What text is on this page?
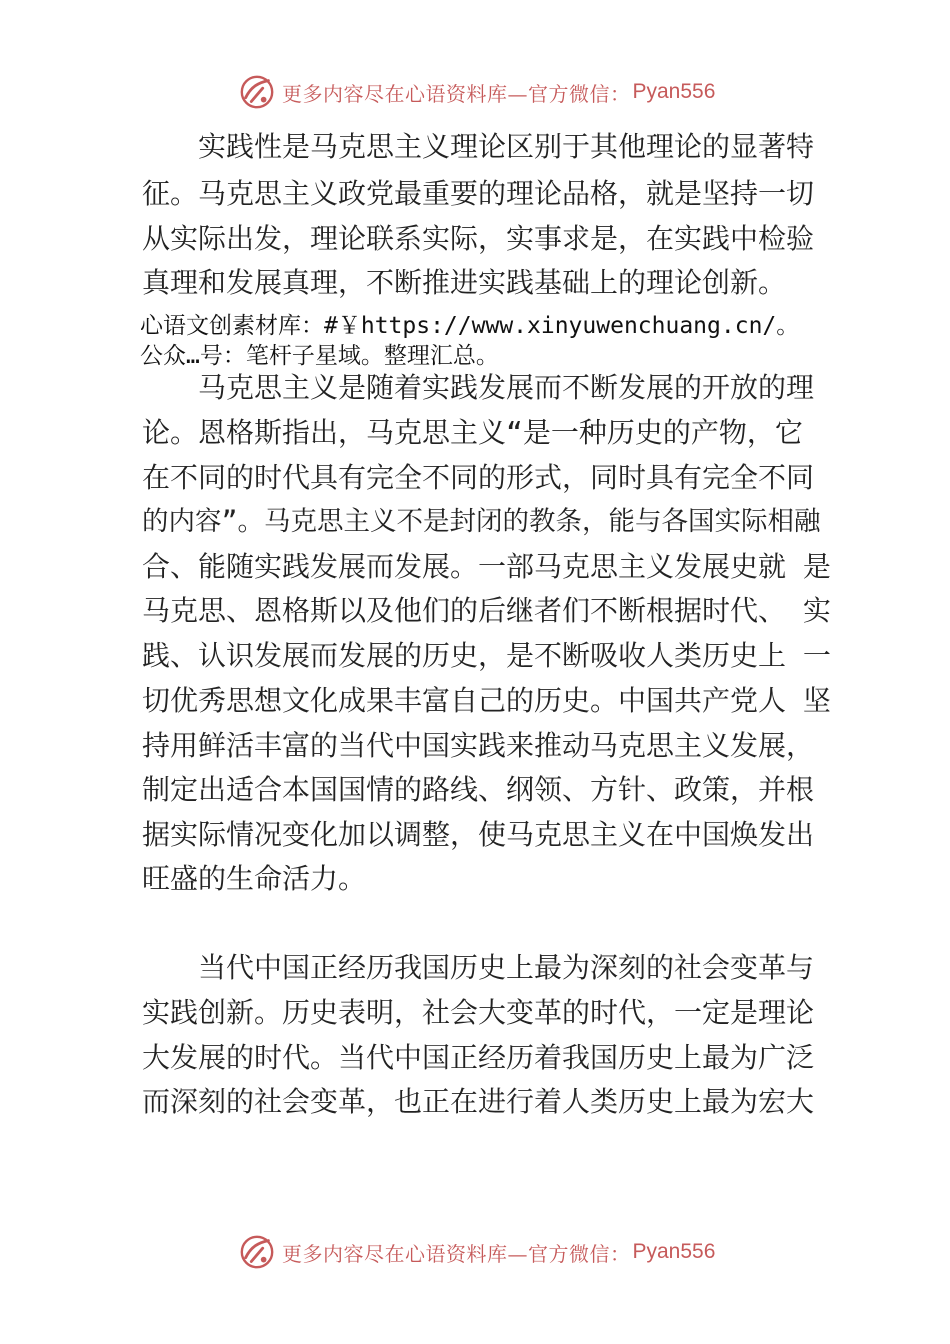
更多内容尽在心语资料库—官方微信： Pyan556
　　实践性是马克思主义理论区别于其他理论的显著特
征。马克思主义政党最重要的理论品格，就是坚持一切
从实际出发，理论联系实际，实事求是，在实践中检验
真理和发展真理，不断推进实践基础上的理论创新。
心语文创素材库：#￥https://www.xinyuwenchuang.cn/。
公众…号：笔杆子星域。整理汇总。
　　马克思主义是随着实践发展而不断发展的开放的理
论。恩格斯指出，马克思主义“是一种历史的产物，它
在不同的时代具有完全不同的形式，同时具有完全不同
的内容”。马克思主义不是封闭的教条，能与各国实际相融
合、能随实践发展而发展。一部马克思主义发展史就 是
马克思、恩格斯以及他们的后继者们不断根据时代、 实
践、认识发展而发展的历史，是不断吸收人类历史上 一
切优秀思想文化成果丰富自己的历史。中国共产党人 坚
持用鲜活丰富的当代中国实践来推动马克思主义发展，
制定出适合本国国情的路线、纲领、方针、政策，并根
据实际情况变化加以调整，使马克思主义在中国焕发出
旺盛的生命活力。
　　当代中国正经历我国历史上最为深刻的社会变革与
实践创新。历史表明，社会大变革的时代，一定是理论
大发展的时代。当代中国正经历着我国历史上最为广泛
而深刻的社会变革，也正在进行着人类历史上最为宏大
更多内容尽在心语资料库—官方微信： Pyan556
